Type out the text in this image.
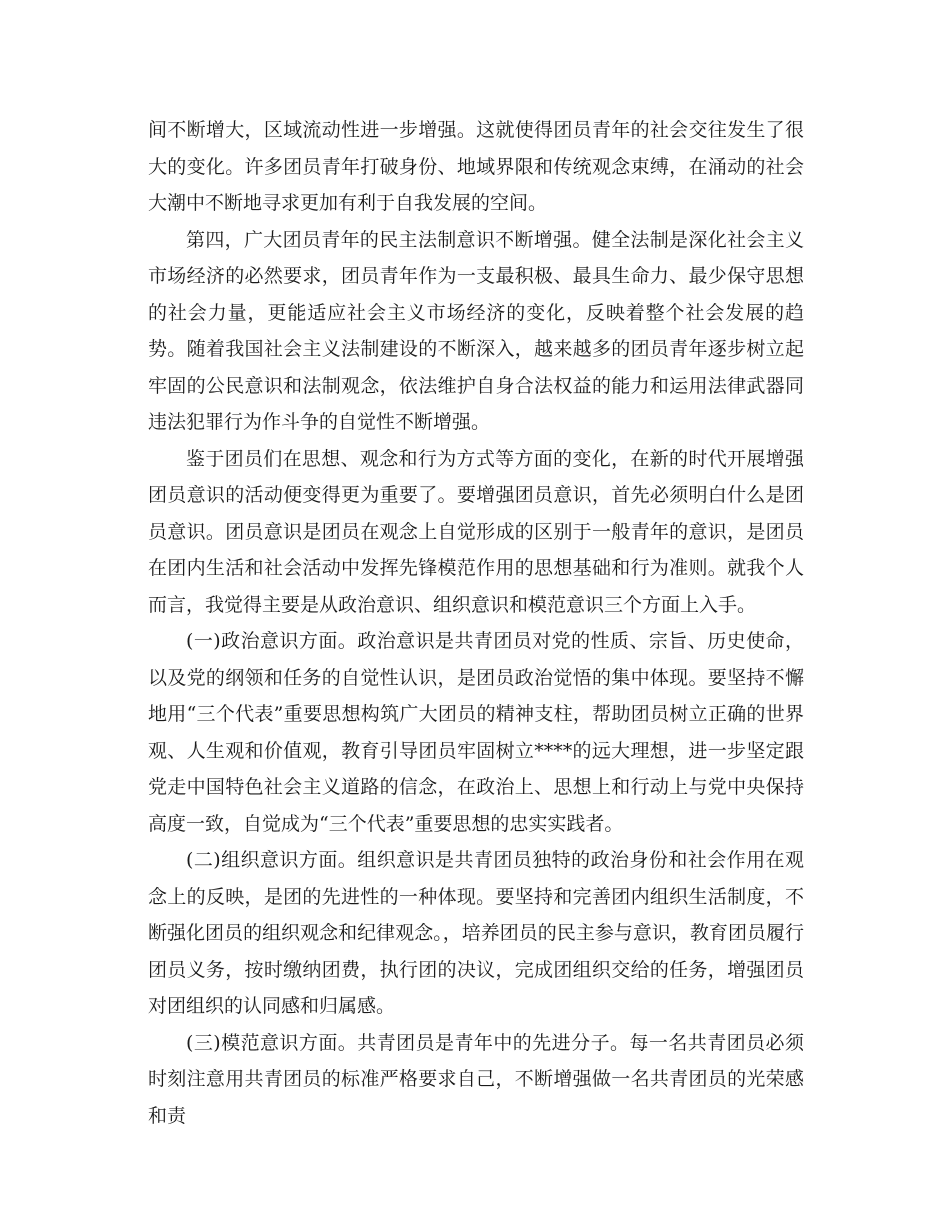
间不断增大，区域流动性进一步增强。这就使得团员青年的社会交往发生了很大的变化。许多团员青年打破身份、地域界限和传统观念束缚，在涌动的社会大潮中不断地寻求更加有利于自我发展的空间。

第四，广大团员青年的民主法制意识不断增强。健全法制是深化社会主义市场经济的必然要求，团员青年作为一支最积极、最具生命力、最少保守思想的社会力量，更能适应社会主义市场经济的变化，反映着整个社会发展的趋势。随着我国社会主义法制建设的不断深入，越来越多的团员青年逐步树立起牢固的公民意识和法制观念，依法维护自身合法权益的能力和运用法律武器同违法犯罪行为作斗争的自觉性不断增强。

鉴于团员们在思想、观念和行为方式等方面的变化，在新的时代开展增强团员意识的活动便变得更为重要了。要增强团员意识，首先必须明白什么是团员意识。团员意识是团员在观念上自觉形成的区别于一般青年的意识，是团员在团内生活和社会活动中发挥先锋模范作用的思想基础和行为准则。就我个人而言，我觉得主要是从政治意识、组织意识和模范意识三个方面上入手。

(一)政治意识方面。政治意识是共青团员对党的性质、宗旨、历史使命，以及党的纲领和任务的自觉性认识，是团员政治觉悟的集中体现。要坚持不懈地用“三个代表”重要思想构筑广大团员的精神支柱，帮助团员树立正确的世界观、人生观和价值观，教育引导团员牢固树立****的远大理想，进一步坚定跟党走中国特色社会主义道路的信念，在政治上、思想上和行动上与党中央保持高度一致，自觉成为“三个代表”重要思想的忠实实践者。

(二)组织意识方面。组织意识是共青团员独特的政治身份和社会作用在观念上的反映，是团的先进性的一种体现。要坚持和完善团内组织生活制度，不断强化团员的组织观念和纪律观念。，培养团员的民主参与意识，教育团员履行团员义务，按时缴纳团费，执行团的决议，完成团组织交给的任务，增强团员对团组织的认同感和归属感。

(三)模范意识方面。共青团员是青年中的先进分子。每一名共青团员必须时刻注意用共青团员的标准严格要求自己，不断增强做一名共青团员的光荣感和责
